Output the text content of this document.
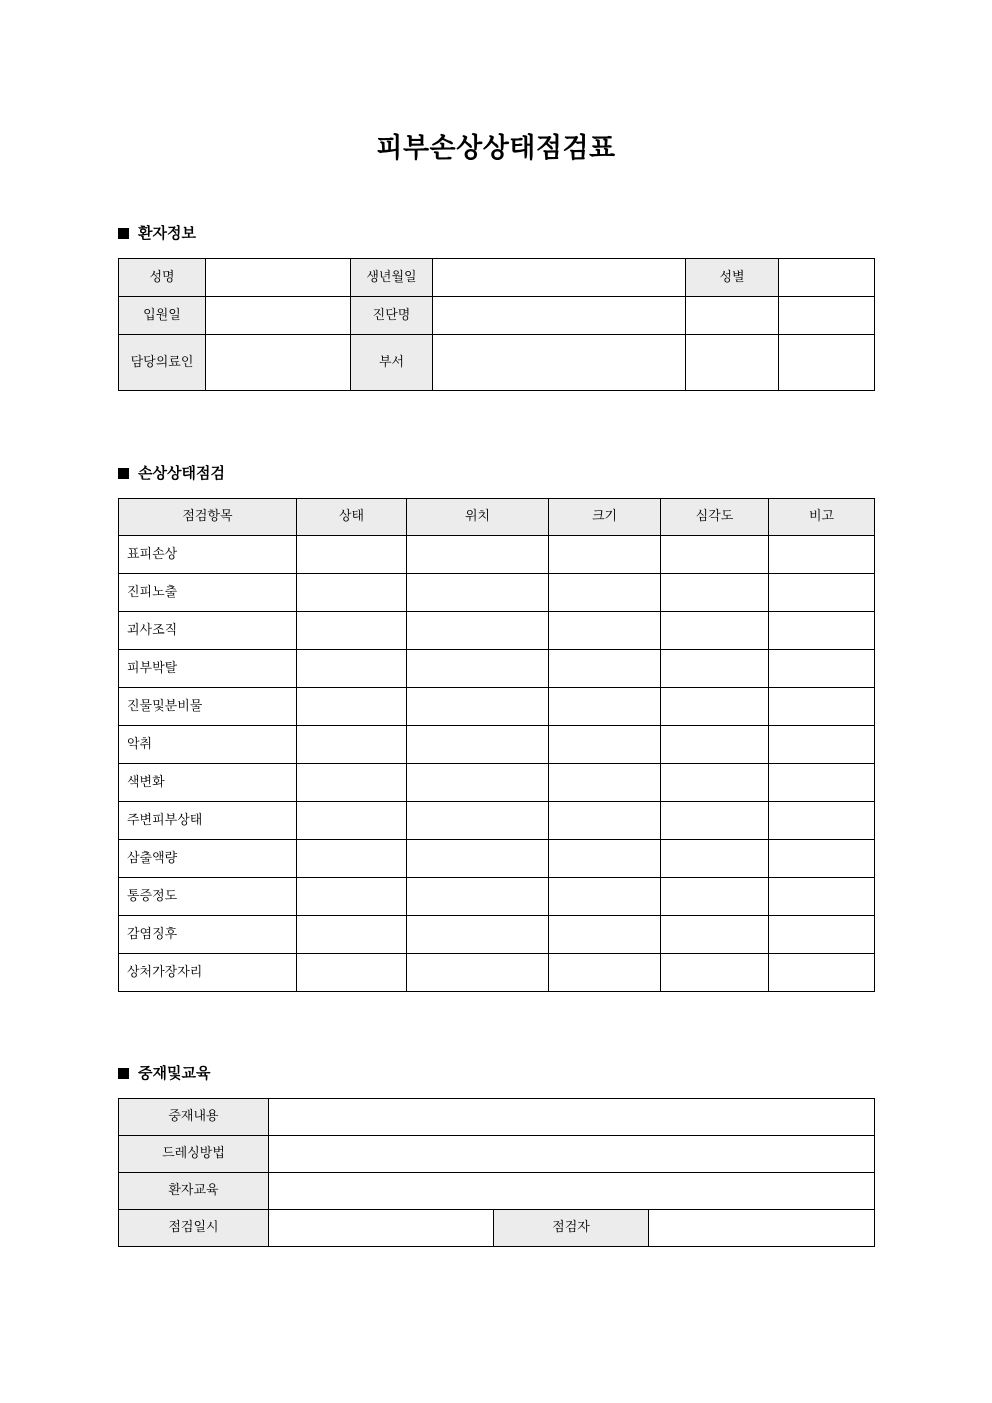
피부손상상태점검표
환자정보
성명		생년월일		성별	
입원일		진단명			
담당의료인		부서			
손상상태점검
점검항목	상태	위치	크기	심각도	비고
표피손상					
진피노출					
괴사조직					
피부박탈					
진물및분비물					
악취					
색변화					
주변피부상태					
삼출액량					
통증정도					
감염징후					
상처가장자리					
중재및교육
중재내용			
드레싱방법			
환자교육			
점검일시		점검자	
